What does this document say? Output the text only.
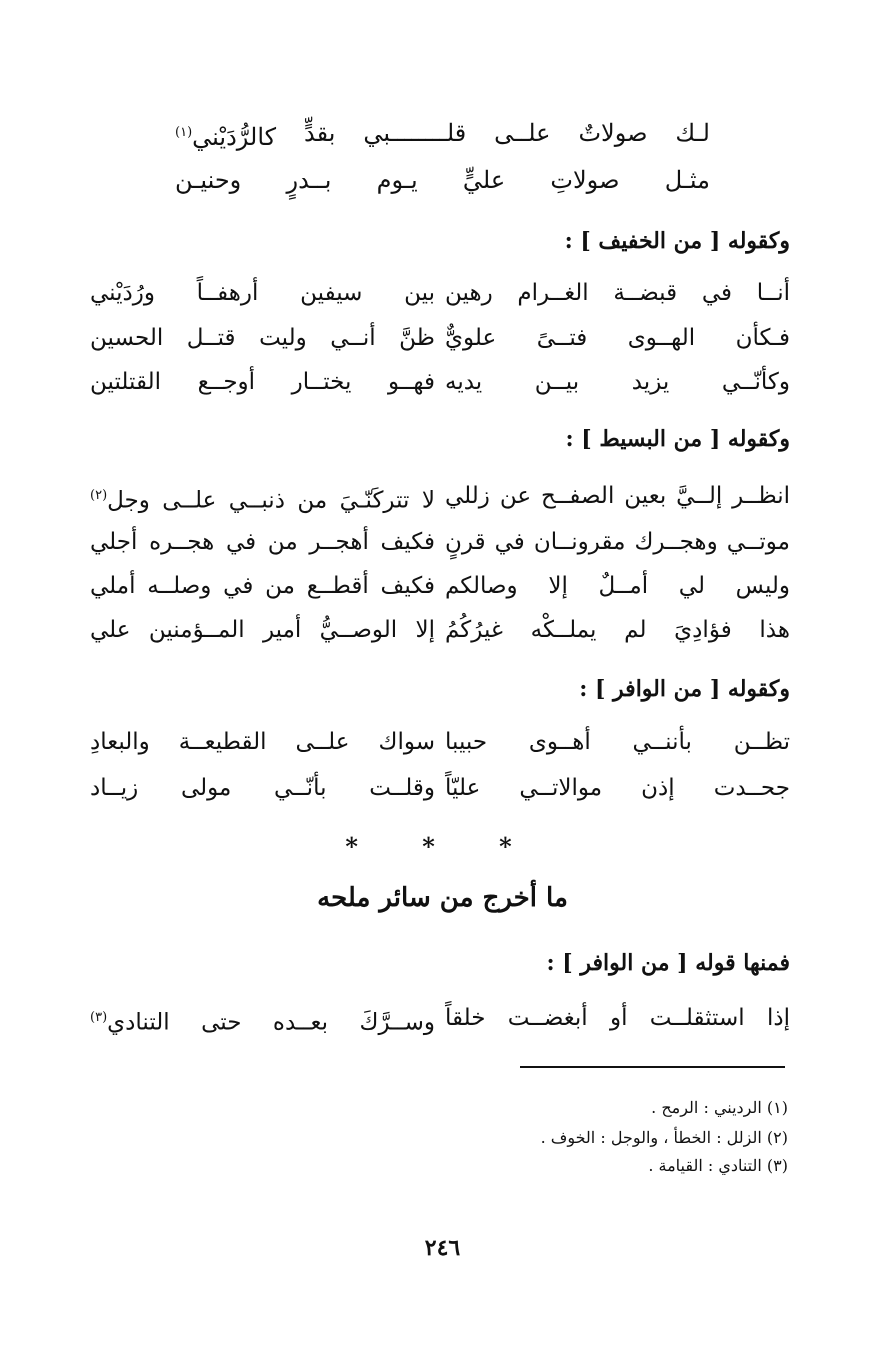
لـك
صولاتٌ
علــى
قلــــــــبي
بقدٍّ
كالرُّدَيْني$^{(١)}$
مثـل
صولاتِ
عليٍّ
يـوم
بــدرٍ
وحنيـن
وكقوله [ من الخفيف ] :
أنــا في قبضــة الغــرام رهين
بين سيفين أرهفــاً ورُدَيْني
فـكأن الهــوى فتــىً علويٌّ
ظنَّ أنــي وليت قتــل الحسين
وكأنّــي يزيد بيــن يديه
فهــو يختــار أوجــع القتلتين
وكقوله [ من البسيط ] :
انظــر إلــيَّ بعين الصفــح عن زللي
لا تتركَنّـيَ من ذنبــي علــى وجل$^{(٢)}$
موتــي وهجــرك مقرونــان في قرنٍ
فكيف أهجــر من في هجــره أجلي
وليس لي أمــلٌ إلا وصالكم
فكيف أقطــع من في وصلــه أملي
هذا فؤادِيَ لم يملــكْه غيرُكُمُ
إلا الوصــيُّ أمير المــؤمنين علي
وكقوله [ من الوافر ] :
تظــن بأننــي أهــوى حبيبا
سواك علــى القطيعــة والبعادِ
جحــدت إذن موالاتــي عليّاً
وقلــت بأنّــي مولى زيــاد
* * *
ما أخرج من سائر ملحه
فمنها قوله [ من الوافر ] :
إذا استثقلــت أو أبغضــت خلقاً
وســرَّكَ بعــده حتى التنادي$^{(٣)}$
(١) الرديني : الرمح .
(٢) الزلل : الخطأ ، والوجل : الخوف .
(٣) التنادي : القيامة .
٢٤٦
